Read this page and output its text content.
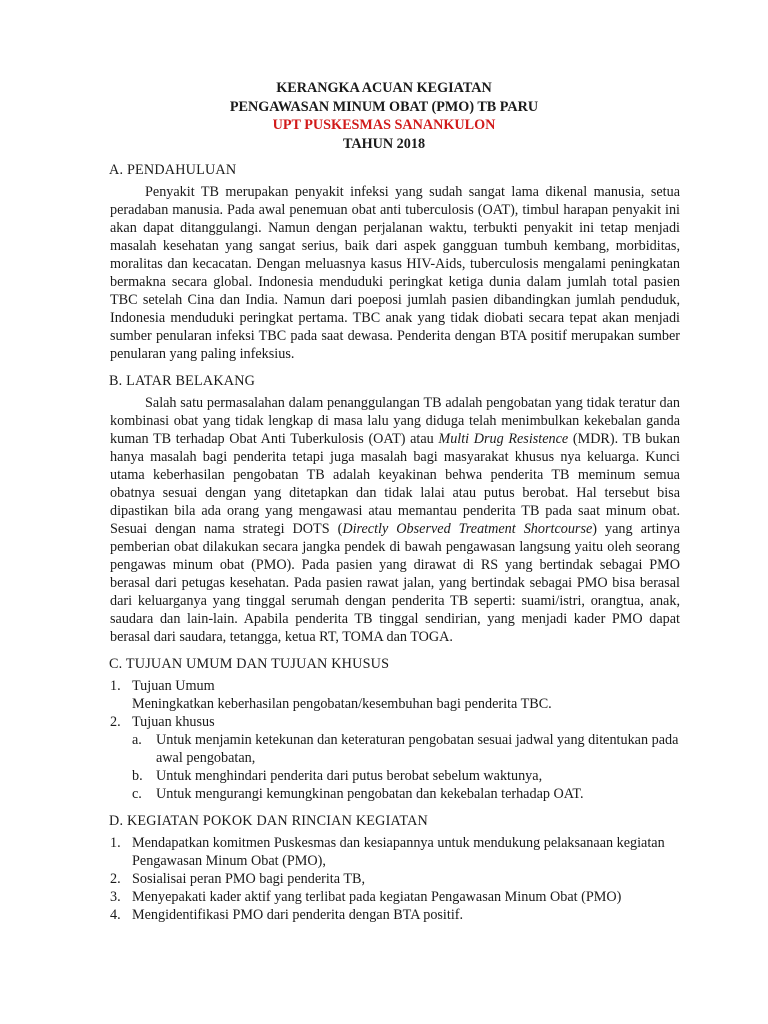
KERANGKA ACUAN KEGIATAN
PENGAWASAN MINUM OBAT (PMO) TB PARU
UPT PUSKESMAS SANANKULON
TAHUN 2018
A. PENDAHULUAN
Penyakit TB merupakan penyakit infeksi yang sudah sangat lama dikenal manusia, setua peradaban manusia. Pada awal penemuan obat anti tuberculosis (OAT), timbul harapan penyakit ini akan dapat ditanggulangi. Namun dengan perjalanan waktu, terbukti penyakit ini tetap menjadi masalah kesehatan yang sangat serius, baik dari aspek gangguan tumbuh kembang, morbiditas, moralitas dan kecacatan. Dengan meluasnya kasus HIV-Aids, tuberculosis mengalami peningkatan bermakna secara global. Indonesia menduduki peringkat ketiga dunia dalam jumlah total pasien TBC setelah Cina dan India. Namun dari poeposi jumlah pasien dibandingkan jumlah penduduk, Indonesia menduduki peringkat pertama. TBC anak yang tidak diobati secara tepat akan menjadi sumber penularan infeksi TBC pada saat dewasa. Penderita dengan BTA positif merupakan sumber penularan yang paling infeksius.
B. LATAR BELAKANG
Salah satu permasalahan dalam penanggulangan TB adalah pengobatan yang tidak teratur dan kombinasi obat yang tidak lengkap di masa lalu yang diduga telah menimbulkan kekebalan ganda kuman TB terhadap Obat Anti Tuberkulosis (OAT) atau Multi Drug Resistence (MDR). TB bukan hanya masalah bagi penderita tetapi juga masalah bagi masyarakat khusus nya keluarga. Kunci utama keberhasilan pengobatan TB adalah keyakinan behwa penderita TB meminum semua obatnya sesuai dengan yang ditetapkan dan tidak lalai atau putus berobat. Hal tersebut bisa dipastikan bila ada orang yang mengawasi atau memantau penderita TB pada saat minum obat. Sesuai dengan nama strategi DOTS (Directly Observed Treatment Shortcourse) yang artinya pemberian obat dilakukan secara jangka pendek di bawah pengawasan langsung yaitu oleh seorang pengawas minum obat (PMO). Pada pasien yang dirawat di RS yang bertindak sebagai PMO berasal dari petugas kesehatan. Pada pasien rawat jalan, yang bertindak sebagai PMO bisa berasal dari keluarganya yang tinggal serumah dengan penderita TB seperti: suami/istri, orangtua, anak, saudara dan lain-lain. Apabila penderita TB tinggal sendirian, yang menjadi kader PMO dapat berasal dari saudara, tetangga, ketua RT, TOMA dan TOGA.
C. TUJUAN UMUM DAN TUJUAN KHUSUS
1. Tujuan Umum
Meningkatkan keberhasilan pengobatan/kesembuhan bagi penderita TBC.
2. Tujuan khusus
a. Untuk menjamin ketekunan dan keteraturan pengobatan sesuai jadwal yang ditentukan pada awal pengobatan,
b. Untuk menghindari penderita dari putus berobat sebelum waktunya,
c. Untuk mengurangi kemungkinan pengobatan dan kekebalan terhadap OAT.
D. KEGIATAN POKOK DAN RINCIAN KEGIATAN
1. Mendapatkan komitmen Puskesmas dan kesiapannya untuk mendukung pelaksanaan kegiatan Pengawasan Minum Obat (PMO),
2. Sosialisai peran PMO bagi penderita TB,
3. Menyepakati kader aktif yang terlibat pada kegiatan Pengawasan Minum Obat (PMO)
4. Mengidentifikasi PMO dari penderita dengan BTA positif.
